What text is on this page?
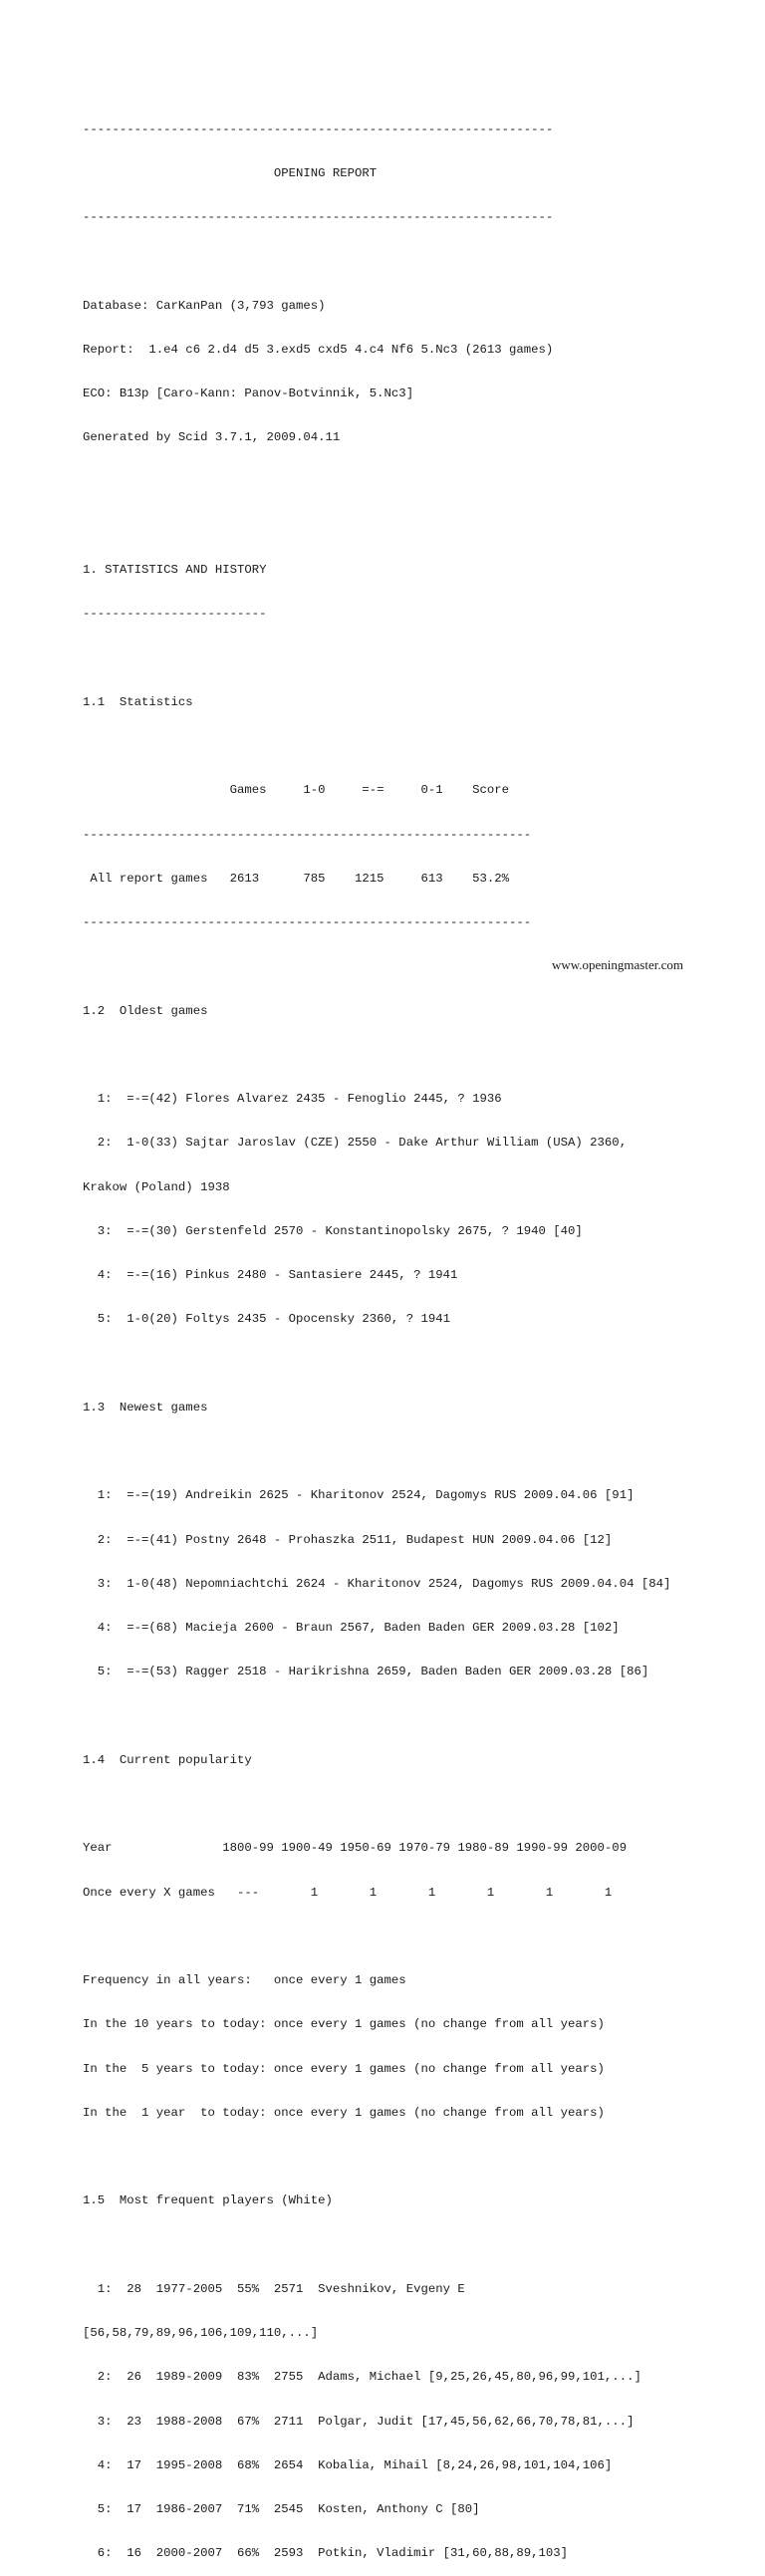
----------------------------------------------------------------

OPENING REPORT

----------------------------------------------------------------

Database: CarKanPan (3,793 games)

Report:  1.e4 c6 2.d4 d5 3.exd5 cxd5 4.c4 Nf6 5.Nc3 (2613 games)

ECO: B13p [Caro-Kann: Panov-Botvinnik, 5.Nc3]

Generated by Scid 3.7.1, 2009.04.11

1. STATISTICS AND HISTORY

-------------------------

1.1  Statistics

Games     1-0     =-=     0-1    Score

-------------------------------------------------------------

All report games   2613      785    1215     613    53.2%

-------------------------------------------------------------

1.2  Oldest games

1:  =-=(42) Flores Alvarez 2435 - Fenoglio 2445, ? 1936

2:  1-0(33) Sajtar Jaroslav (CZE) 2550 - Dake Arthur William (USA) 2360,

Krakow (Poland) 1938

3:  =-=(30) Gerstenfeld 2570 - Konstantinopolsky 2675, ? 1940 [40]

4:  =-=(16) Pinkus 2480 - Santasiere 2445, ? 1941

5:  1-0(20) Foltys 2435 - Opocensky 2360, ? 1941

1.3  Newest games

1:  =-=(19) Andreikin 2625 - Kharitonov 2524, Dagomys RUS 2009.04.06 [91]

2:  =-=(41) Postny 2648 - Prohaszka 2511, Budapest HUN 2009.04.06 [12]

3:  1-0(48) Nepomniachtchi 2624 - Kharitonov 2524, Dagomys RUS 2009.04.04 [84]

4:  =-=(68) Macieja 2600 - Braun 2567, Baden Baden GER 2009.03.28 [102]

5:  =-=(53) Ragger 2518 - Harikrishna 2659, Baden Baden GER 2009.03.28 [86]

1.4  Current popularity

Year               1800-99 1900-49 1950-69 1970-79 1980-89 1990-99 2000-09

Once every X games   ---       1       1       1       1       1       1

Frequency in all years:   once every 1 games

In the 10 years to today: once every 1 games (no change from all years)

In the  5 years to today: once every 1 games (no change from all years)

In the  1 year  to today: once every 1 games (no change from all years)

1.5  Most frequent players (White)

1:  28  1977-2005  55%  2571  Sveshnikov, Evgeny E

[56,58,79,89,96,106,109,110,...]

2:  26  1989-2009  83%  2755  Adams, Michael [9,25,26,45,80,96,99,101,...]

3:  23  1988-2008  67%  2711  Polgar, Judit [17,45,56,62,66,70,78,81,...]

4:  17  1995-2008  68%  2654  Kobalia, Mihail [8,24,26,98,101,104,106]

5:  17  1986-2007  71%  2545  Kosten, Anthony C [80]

6:  16  2000-2007  66%  2593  Potkin, Vladimir [31,60,88,89,103]

www.openingmaster.com
